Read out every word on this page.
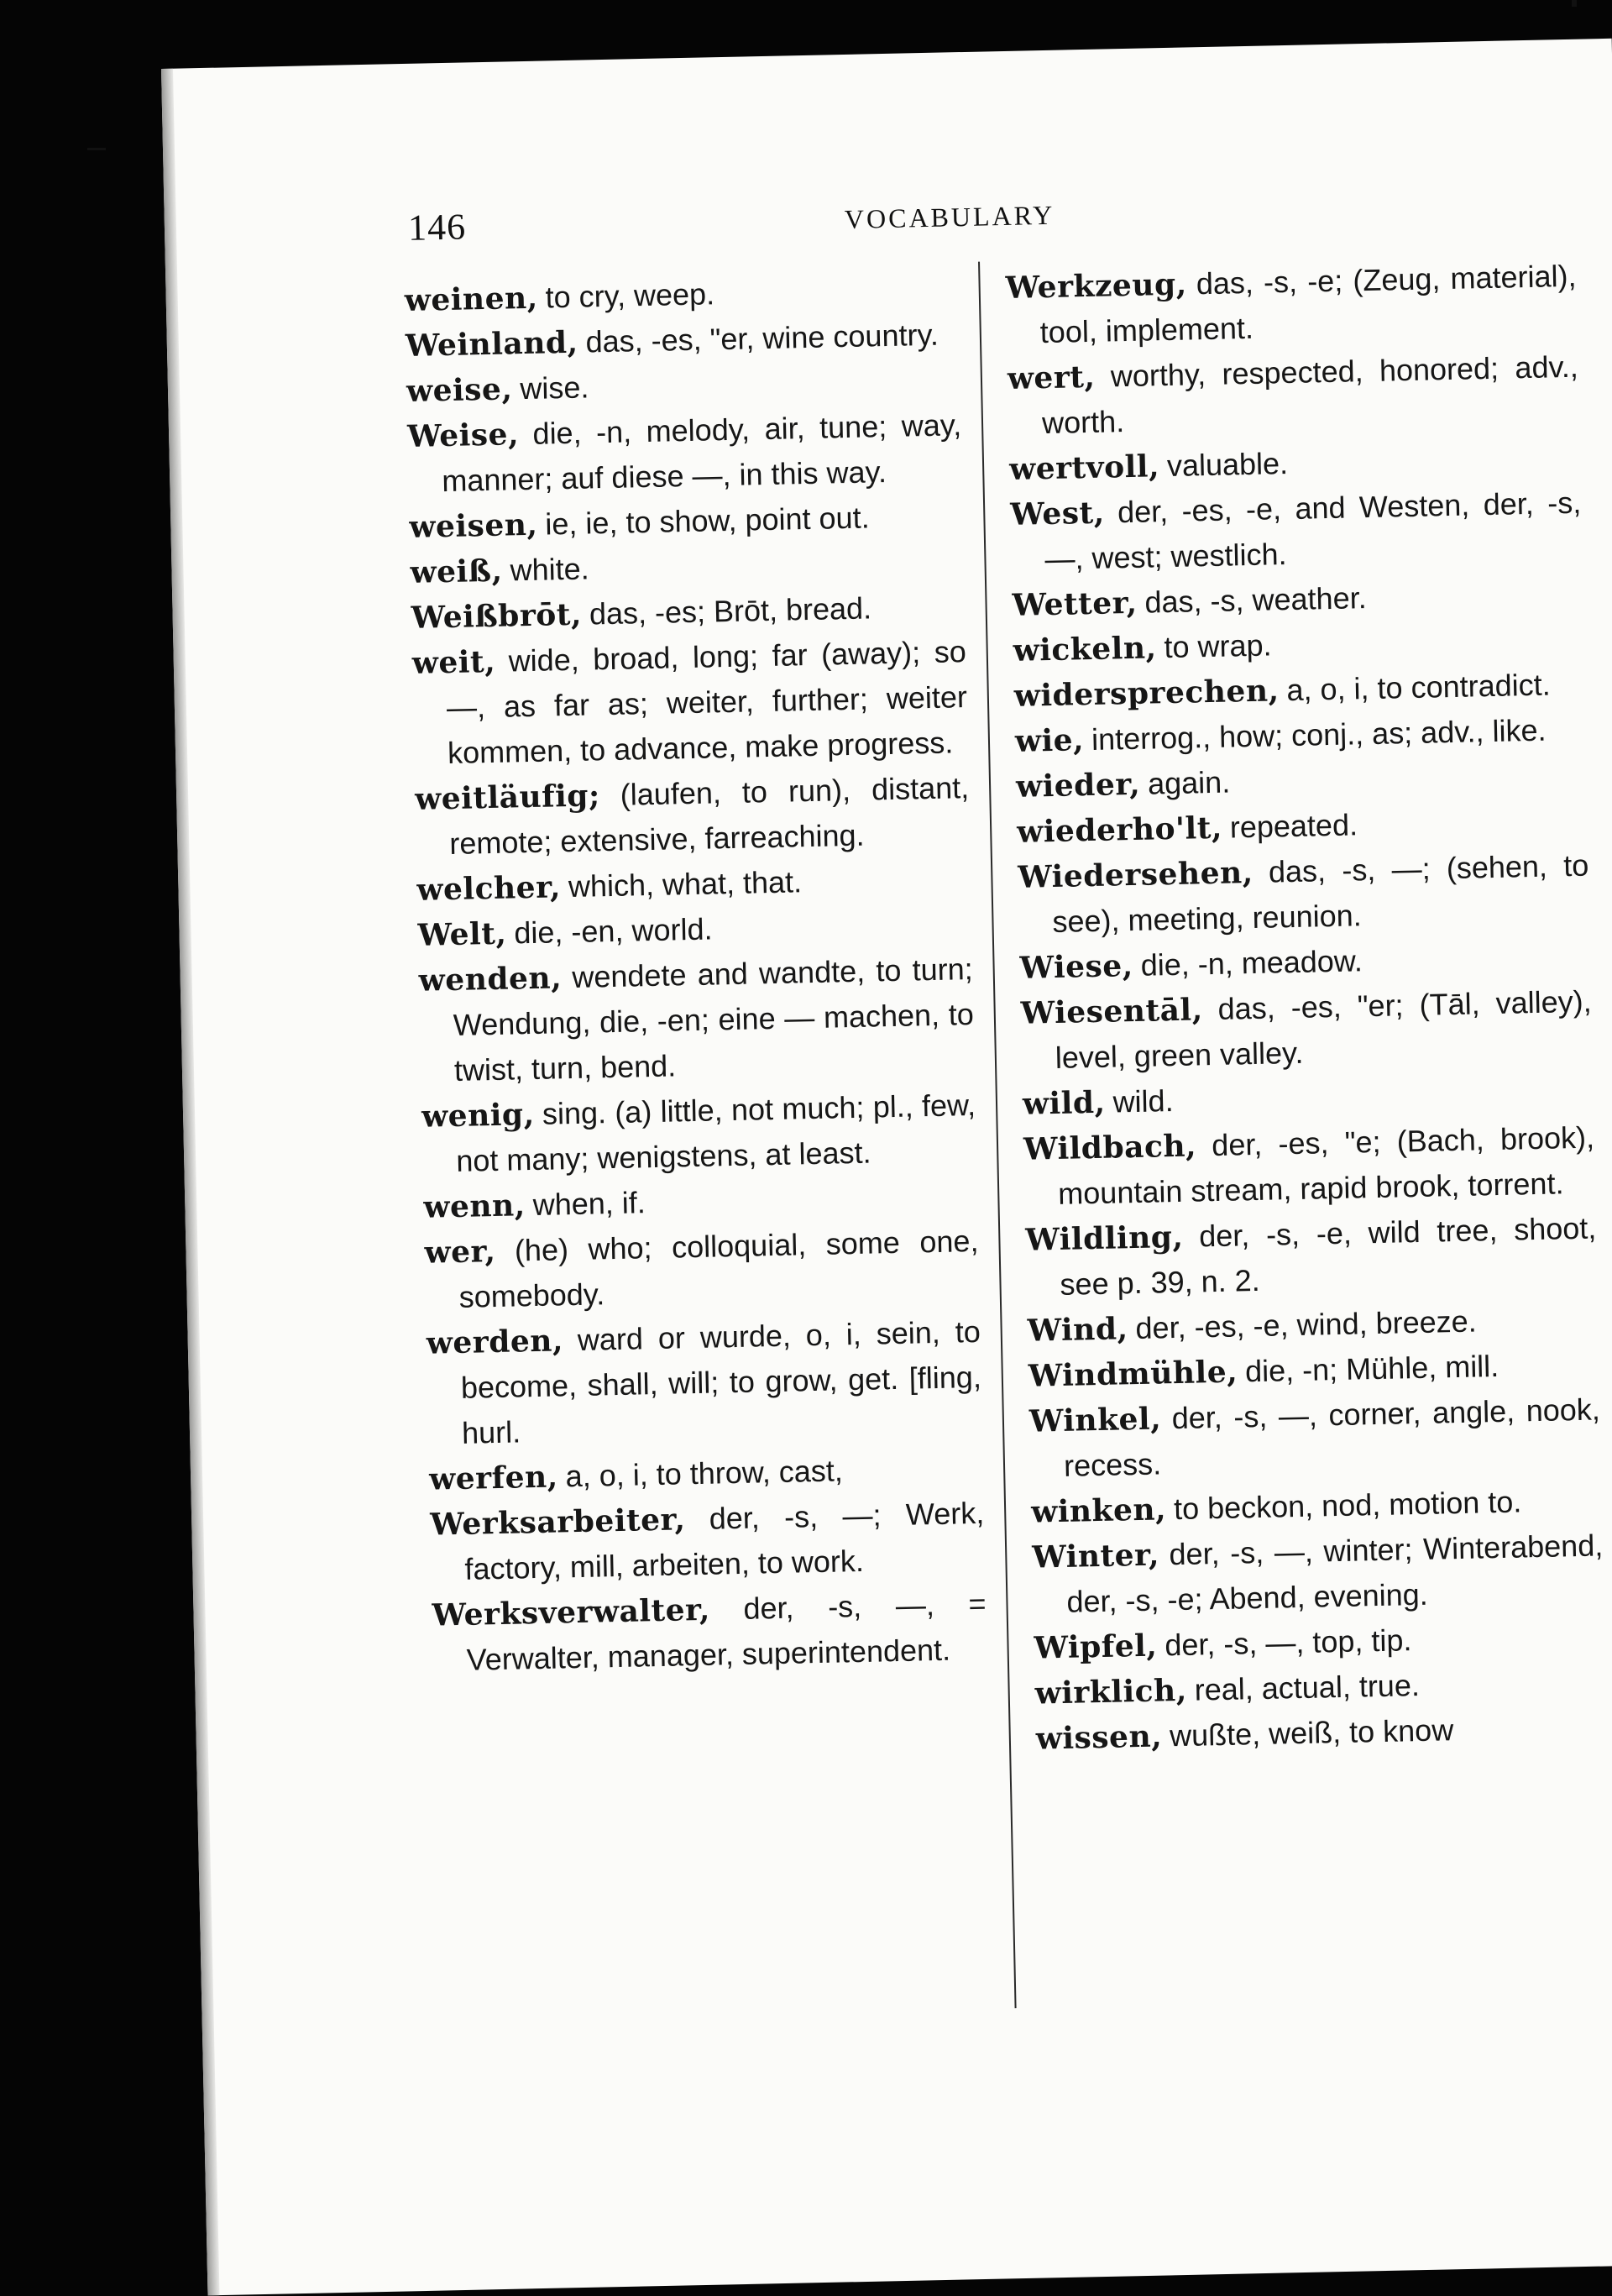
146	VOCABULARY

weinen, to cry, weep.

Weinland, das, -es, "er, wine country.

weise, wise.

Weise, die, -n, melody, air, tune; way, manner; auf diese —, in this way.

weisen, ie, ie, to show, point out.

weiß, white.

Weißbrōt, das, -es; Brōt, bread.

weit, wide, broad, long; far (away); so —, as far as; weiter, further; weiter kommen, to advance, make progress.

weitläufig; (laufen, to run), distant, remote; extensive, farreaching.

welcher, which, what, that.

Welt, die, -en, world.

wenden, wendete and wandte, to turn; Wendung, die, -en; eine — machen, to twist, turn, bend.

wenig, sing. (a) little, not much; pl., few, not many; wenigstens, at least.

wenn, when, if.

wer, (he) who; colloquial, some one, somebody.

werden, ward or wurde, o, i, sein, to become, shall, will; to grow, get. [fling, hurl.

werfen, a, o, i, to throw, cast,

Werksarbeiter, der, -s, —; Werk, factory, mill, arbeiten, to work.

Werksverwalter, der, -s, —, = Verwalter, manager, superintendent.

Werkzeug, das, -s, -e; (Zeug, material), tool, implement.

wert, worthy, respected, honored; adv., worth.

wertvoll, valuable.

West, der, -es, -e, and Westen, der, -s, —, west; westlich.

Wetter, das, -s, weather.

wickeln, to wrap.

widersprechen, a, o, i, to contradict.

wie, interrog., how; conj., as; adv., like.

wieder, again.

wiederho'lt, repeated.

Wiedersehen, das, -s, —; (sehen, to see), meeting, reunion.

Wiese, die, -n, meadow.

Wiesentāl, das, -es, "er; (Tāl, valley), level, green valley.

wild, wild.

Wildbach, der, -es, "e; (Bach, brook), mountain stream, rapid brook, torrent.

Wildling, der, -s, -e, wild tree, shoot, see p. 39, n. 2.

Wind, der, -es, -e, wind, breeze.

Windmühle, die, -n; Mühle, mill.

Winkel, der, -s, —, corner, angle, nook, recess.

winken, to beckon, nod, motion to.

Winter, der, -s, —, winter; Winterabend, der, -s, -e; Abend, evening.

Wipfel, der, -s, —, top, tip.

wirklich, real, actual, true.

wissen, wußte, weiß, to know
